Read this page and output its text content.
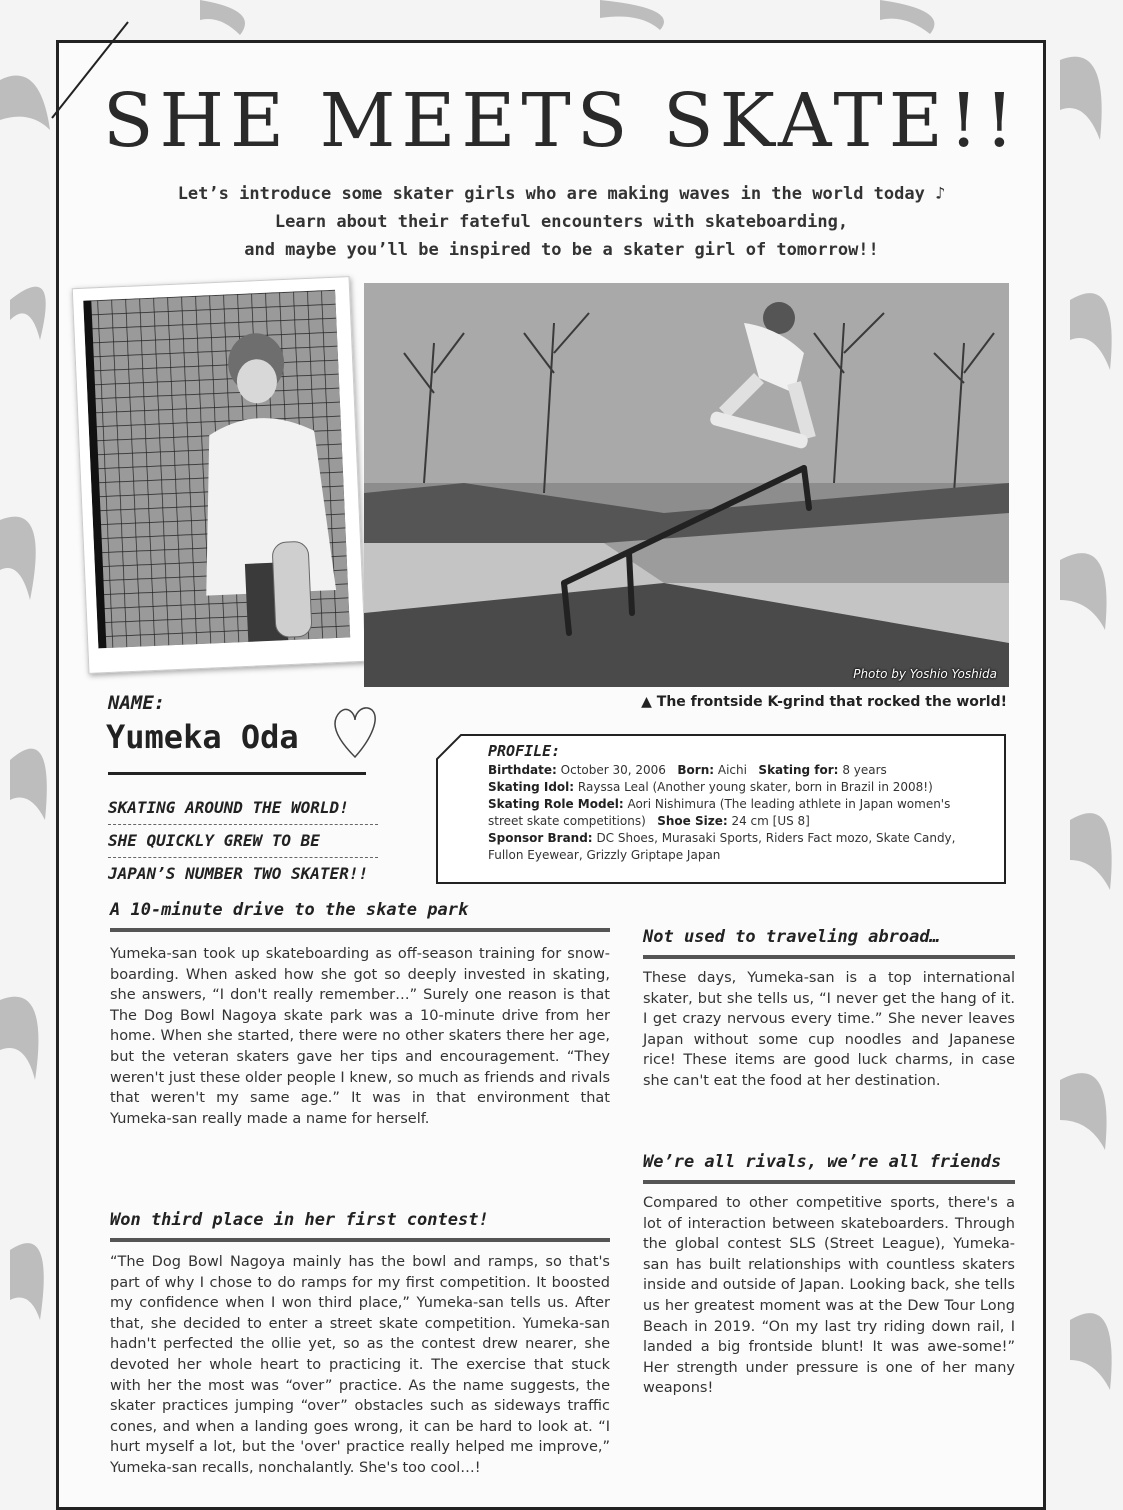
SHE MEETS SKATE!!
Let’s introduce some skater girls who are making waves in the world today ♪
Learn about their fateful encounters with skateboarding,
and maybe you’ll be inspired to be a skater girl of tomorrow!!
Photo by Yoshio Yoshida
▲ The frontside K-grind that rocked the world!
NAME:
Yumeka Oda
SKATING AROUND THE WORLD!
SHE QUICKLY GREW TO BE
JAPAN’S NUMBER TWO SKATER!!
PROFILE:
Birthdate: October 30, 2006 Born: Aichi Skating for: 8 years
Skating Idol: Rayssa Leal (Another young skater, born in Brazil in 2008!)
Skating Role Model: Aori Nishimura (The leading athlete in Japan women's
street skate competitions) Shoe Size: 24 cm [US 8]
Sponsor Brand: DC Shoes, Murasaki Sports, Riders Fact mozo, Skate Candy,
Fullon Eyewear, Grizzly Griptape Japan
A 10-minute drive to the skate park
Yumeka-san took up skateboarding as off-season training for snow-boarding. When asked how she got so deeply invested in skating, she answers, “I don't really remember…” Surely one reason is that The Dog Bowl Nagoya skate park was a 10-minute drive from her home. When she started, there were no other skaters there her age, but the veteran skaters gave her tips and encouragement. “They weren't just these older people I knew, so much as friends and rivals that weren't my same age.” It was in that environment that Yumeka-san really made a name for herself.
Won third place in her first contest!
“The Dog Bowl Nagoya mainly has the bowl and ramps, so that's part of why I chose to do ramps for my first competition. It boosted my confidence when I won third place,” Yumeka-san tells us. After that, she decided to enter a street skate competition. Yumeka-san hadn't perfected the ollie yet, so as the contest drew nearer, she devoted her whole heart to practicing it. The exercise that stuck with her the most was “over” practice. As the name suggests, the skater practices jumping “over” obstacles such as sideways traffic cones, and when a landing goes wrong, it can be hard to look at. “I hurt myself a lot, but the 'over' practice really helped me improve,” Yumeka-san recalls, nonchalantly. She's too cool…!
Not used to traveling abroad…
These days, Yumeka-san is a top international skater, but she tells us, “I never get the hang of it. I get crazy nervous every time.” She never leaves Japan without some cup noodles and Japanese rice! These items are good luck charms, in case she can't eat the food at her destination.
We’re all rivals, we’re all friends
Compared to other competitive sports, there's a lot of interaction between skateboarders. Through the global contest SLS (Street League), Yumeka-san has built relationships with countless skaters inside and outside of Japan. Looking back, she tells us her greatest moment was at the Dew Tour Long Beach in 2019. “On my last try riding down rail, I landed a big frontside blunt! It was awe-some!” Her strength under pressure is one of her many weapons!
